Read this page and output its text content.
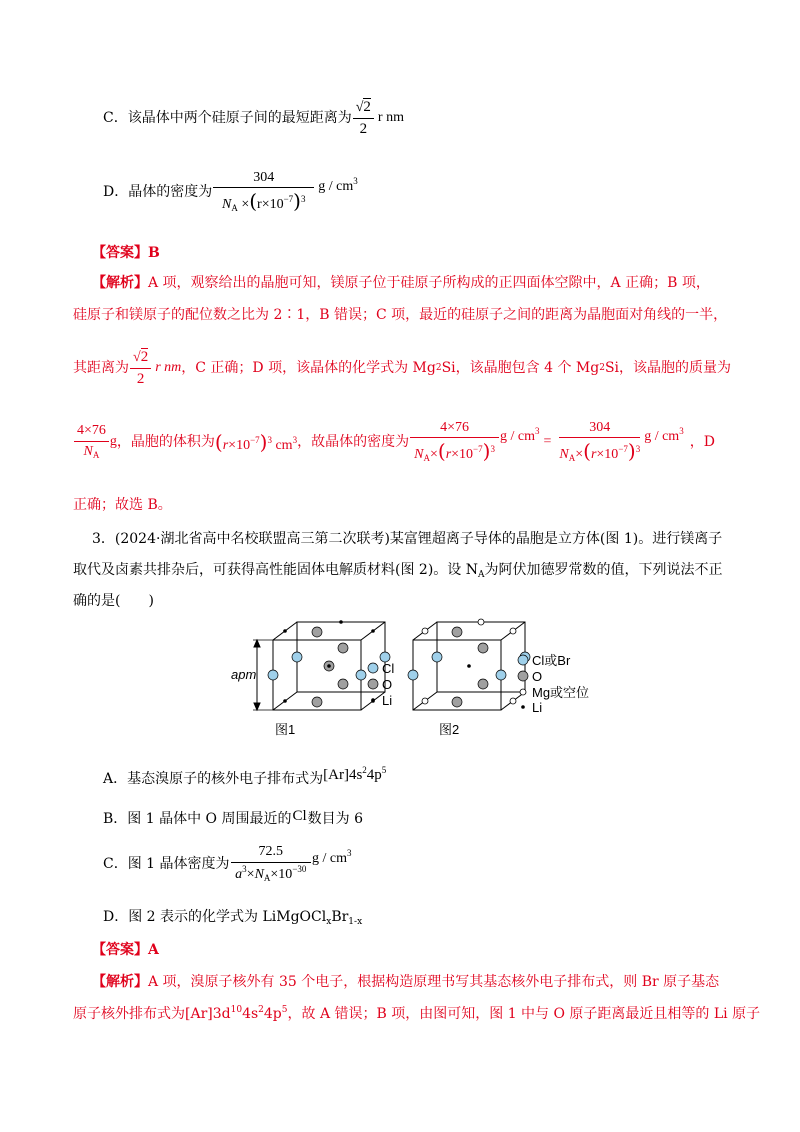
C．该晶体中两个硅原子间的最短距离为 $\frac{√2}{2}$ r nm
D．晶体的密度为 $\frac{304}{N_A \times(r\times 10^{-7})^3}$ g / $cm^3$
【答案】B
【解析】A 项，观察给出的晶胞可知，镁原子位于硅原子所构成的正四面体空隙中，A 正确；B 项，
硅原子和镁原子的配位数之比为 2∶1，B 错误；C 项，最近的硅原子之间的距离为晶胞面对角线的一半，
其距离为 $\frac{√2}{2}$ r nm ，C 正确；D 项，该晶体的化学式为 Mg 2 Si，该晶胞包含 4 个 Mg 2 Si，该晶胞的质量为
$\frac{4\times 76}{N_A}$ g ，晶胞的体积为 $(r\times 10^{-7})^3$ $cm^3$ ，故晶体的密度为 $\frac{4\times 76}{N_A\times(r\times 10^{-7})^3}$ g / $cm^3$
= $\frac{304}{N_A\times(r\times 10^{-7})^3}$ g / $cm^3$
，D
正确；故选 B。
3．(2024·湖北省高中名校联盟高三第二次联考)某富锂超离子导体的晶胞是立方体(图 1)。进行镁离子
取代及卤素共排杂后，可获得高性能固体电解质材料(图 2)。设 $N_A$为阿伏加德罗常数的值，下列说法不正
确的是(　　)
apm	Cl
O
Li
图1
Cl或Br
O
Mg或空位
Li
图2
A．基态溴原子的核外电子排布式为 $[Ar]4s^24p^5$
B．图 1 晶体中 O 周围最近的 Cl 数目为 6
C．图 1 晶体密度为 $\frac{72.5}{a^3\times N_A\times 10^{-30}}$ g / $cm^3$
D．图 2 表示的化学式为 $LiMgOCl_xBr_{1-x}$
【答案】A
【解析】A 项，溴原子核外有 35 个电子，根据构造原理书写其基态核外电子排布式，则 Br 原子基态
原子核外排布式为$[Ar]3d^{10}4s^24p^5$，故 A 错误；B 项，由图可知，图 1 中与 O 原子距离最近且相等的 Li 原子
